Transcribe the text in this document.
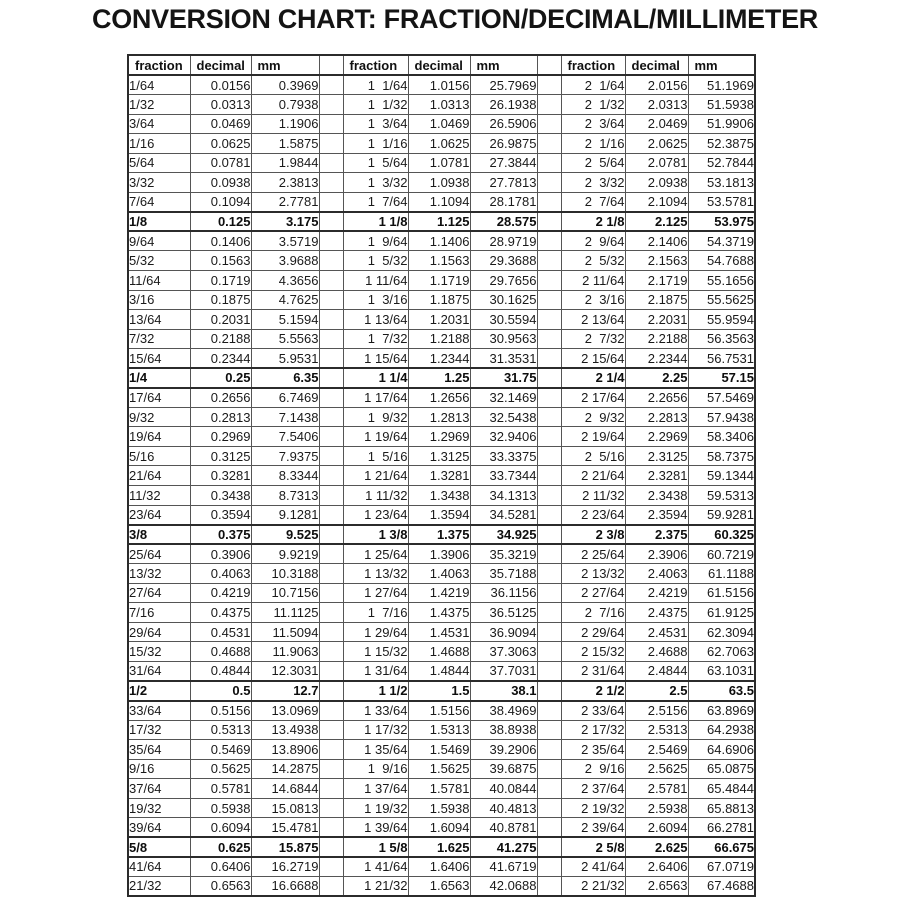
CONVERSION CHART: FRACTION/DECIMAL/MILLIMETER
fraction	decimal	mm		fraction	decimal	mm		fraction	decimal	mm
1/64	0.0156	0.3969		1  1/64	1.0156	25.7969		2  1/64	2.0156	51.1969
1/32	0.0313	0.7938		1  1/32	1.0313	26.1938		2  1/32	2.0313	51.5938
3/64	0.0469	1.1906		1  3/64	1.0469	26.5906		2  3/64	2.0469	51.9906
1/16	0.0625	1.5875		1  1/16	1.0625	26.9875		2  1/16	2.0625	52.3875
5/64	0.0781	1.9844		1  5/64	1.0781	27.3844		2  5/64	2.0781	52.7844
3/32	0.0938	2.3813		1  3/32	1.0938	27.7813		2  3/32	2.0938	53.1813
7/64	0.1094	2.7781		1  7/64	1.1094	28.1781		2  7/64	2.1094	53.5781
1/8	0.125	3.175		1 1/8	1.125	28.575		2 1/8	2.125	53.975
9/64	0.1406	3.5719		1  9/64	1.1406	28.9719		2  9/64	2.1406	54.3719
5/32	0.1563	3.9688		1  5/32	1.1563	29.3688		2  5/32	2.1563	54.7688
11/64	0.1719	4.3656		1 11/64	1.1719	29.7656		2 11/64	2.1719	55.1656
3/16	0.1875	4.7625		1  3/16	1.1875	30.1625		2  3/16	2.1875	55.5625
13/64	0.2031	5.1594		1 13/64	1.2031	30.5594		2 13/64	2.2031	55.9594
7/32	0.2188	5.5563		1  7/32	1.2188	30.9563		2  7/32	2.2188	56.3563
15/64	0.2344	5.9531		1 15/64	1.2344	31.3531		2 15/64	2.2344	56.7531
1/4	0.25	6.35		1 1/4	1.25	31.75		2 1/4	2.25	57.15
17/64	0.2656	6.7469		1 17/64	1.2656	32.1469		2 17/64	2.2656	57.5469
9/32	0.2813	7.1438		1  9/32	1.2813	32.5438		2  9/32	2.2813	57.9438
19/64	0.2969	7.5406		1 19/64	1.2969	32.9406		2 19/64	2.2969	58.3406
5/16	0.3125	7.9375		1  5/16	1.3125	33.3375		2  5/16	2.3125	58.7375
21/64	0.3281	8.3344		1 21/64	1.3281	33.7344		2 21/64	2.3281	59.1344
11/32	0.3438	8.7313		1 11/32	1.3438	34.1313		2 11/32	2.3438	59.5313
23/64	0.3594	9.1281		1 23/64	1.3594	34.5281		2 23/64	2.3594	59.9281
3/8	0.375	9.525		1 3/8	1.375	34.925		2 3/8	2.375	60.325
25/64	0.3906	9.9219		1 25/64	1.3906	35.3219		2 25/64	2.3906	60.7219
13/32	0.4063	10.3188		1 13/32	1.4063	35.7188		2 13/32	2.4063	61.1188
27/64	0.4219	10.7156		1 27/64	1.4219	36.1156		2 27/64	2.4219	61.5156
7/16	0.4375	11.1125		1  7/16	1.4375	36.5125		2  7/16	2.4375	61.9125
29/64	0.4531	11.5094		1 29/64	1.4531	36.9094		2 29/64	2.4531	62.3094
15/32	0.4688	11.9063		1 15/32	1.4688	37.3063		2 15/32	2.4688	62.7063
31/64	0.4844	12.3031		1 31/64	1.4844	37.7031		2 31/64	2.4844	63.1031
1/2	0.5	12.7		1 1/2	1.5	38.1		2 1/2	2.5	63.5
33/64	0.5156	13.0969		1 33/64	1.5156	38.4969		2 33/64	2.5156	63.8969
17/32	0.5313	13.4938		1 17/32	1.5313	38.8938		2 17/32	2.5313	64.2938
35/64	0.5469	13.8906		1 35/64	1.5469	39.2906		2 35/64	2.5469	64.6906
9/16	0.5625	14.2875		1  9/16	1.5625	39.6875		2  9/16	2.5625	65.0875
37/64	0.5781	14.6844		1 37/64	1.5781	40.0844		2 37/64	2.5781	65.4844
19/32	0.5938	15.0813		1 19/32	1.5938	40.4813		2 19/32	2.5938	65.8813
39/64	0.6094	15.4781		1 39/64	1.6094	40.8781		2 39/64	2.6094	66.2781
5/8	0.625	15.875		1 5/8	1.625	41.275		2 5/8	2.625	66.675
41/64	0.6406	16.2719		1 41/64	1.6406	41.6719		2 41/64	2.6406	67.0719
21/32	0.6563	16.6688		1 21/32	1.6563	42.0688		2 21/32	2.6563	67.4688
